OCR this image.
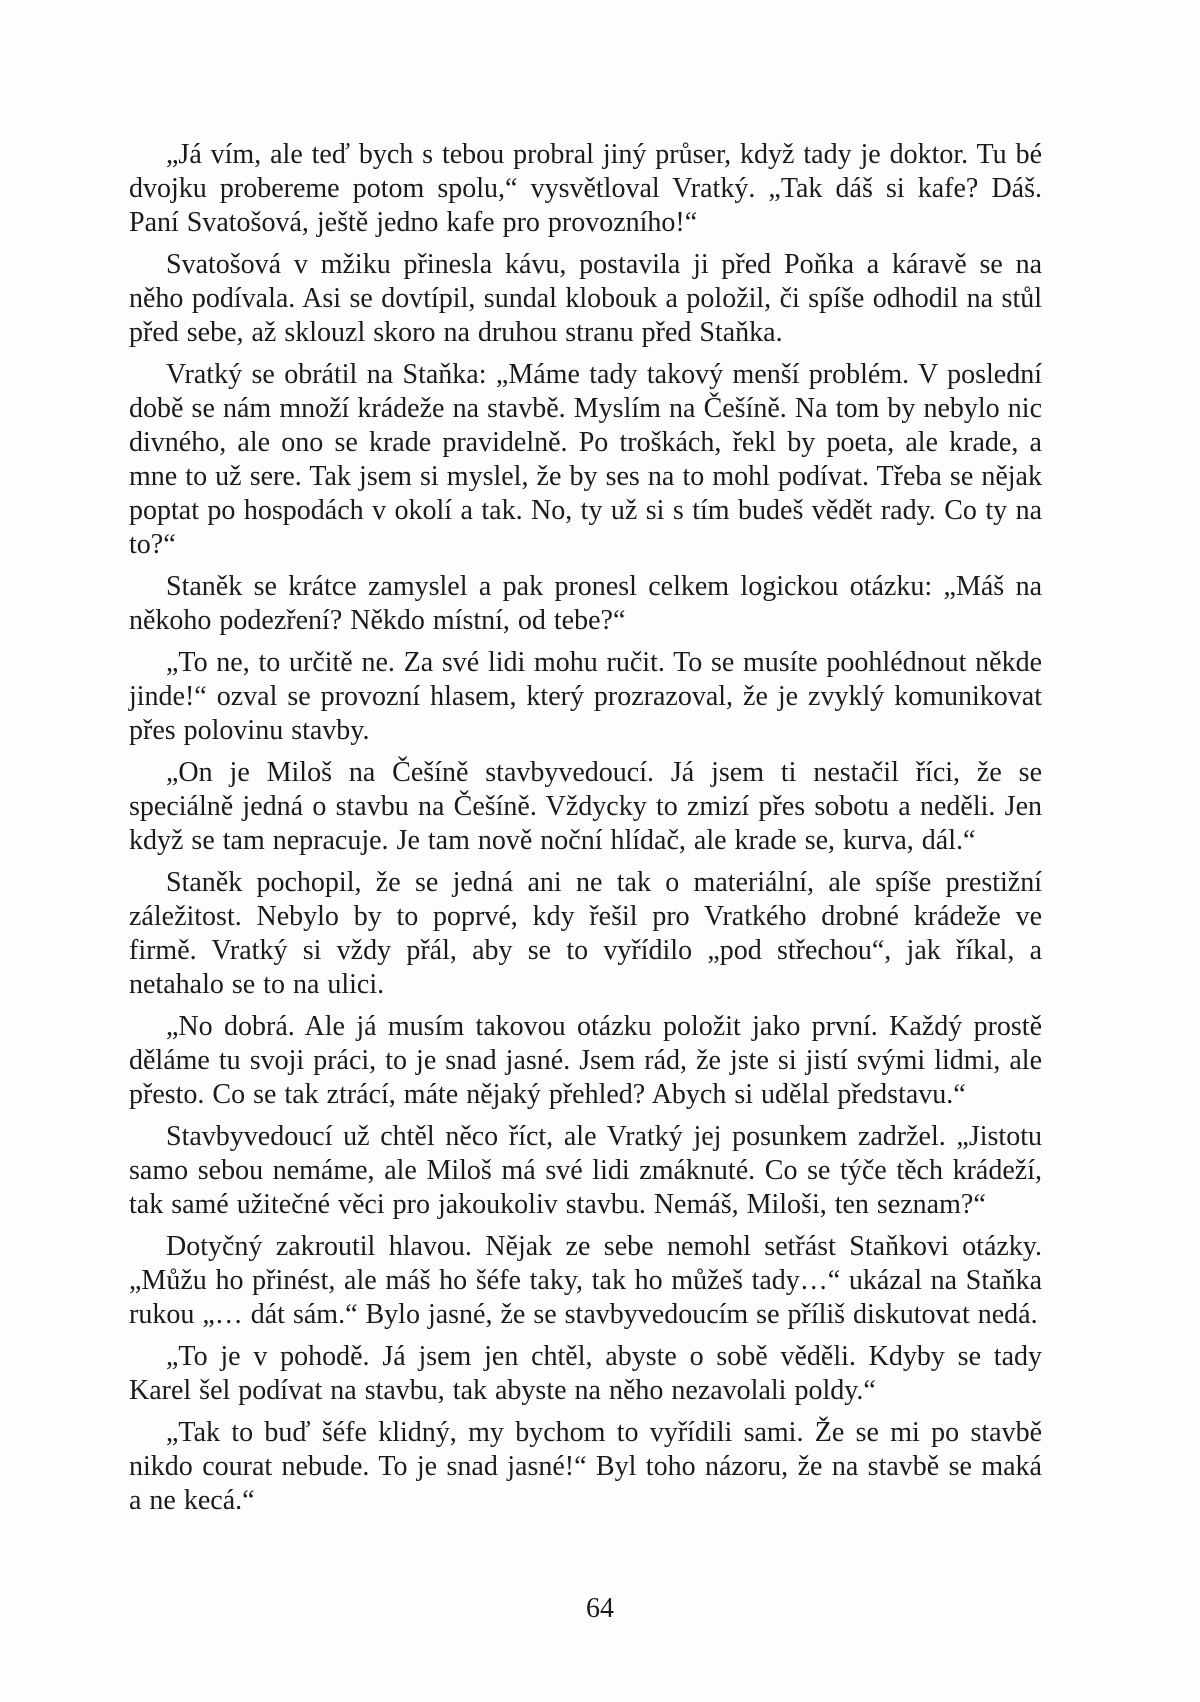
„Já vím, ale teď bych s tebou probral jiný průser, když tady je doktor. Tu bé dvojku probereme potom spolu,“ vysvětloval Vratký. „Tak dáš si kafe? Dáš. Paní Svatošová, ještě jedno kafe pro provozního!“

Svatošová v mžiku přinesla kávu, postavila ji před Poňka a káravě se na něho podívala. Asi se dovtípil, sundal klobouk a položil, či spíše odhodil na stůl před sebe, až sklouzl skoro na druhou stranu před Staňka.

Vratký se obrátil na Staňka: „Máme tady takový menší problém. V poslední době se nám množí krádeže na stavbě. Myslím na Češíně. Na tom by nebylo nic divného, ale ono se krade pravidelně. Po troškách, řekl by poeta, ale krade, a mne to už sere. Tak jsem si myslel, že by ses na to mohl podívat. Třeba se nějak poptat po hospodách v okolí a tak. No, ty už si s tím budeš vědět rady. Co ty na to?“

Staněk se krátce zamyslel a pak pronesl celkem logickou otázku: „Máš na někoho podezření? Někdo místní, od tebe?“

„To ne, to určitě ne. Za své lidi mohu ručit. To se musíte poohlédnout někde jinde!“ ozval se provozní hlasem, který prozrazoval, že je zvyklý komunikovat přes polovinu stavby.

„On je Miloš na Češíně stavbyvedoucí. Já jsem ti nestačil říci, že se speciálně jedná o stavbu na Češíně. Vždycky to zmizí přes sobotu a neděli. Jen když se tam nepracuje. Je tam nově noční hlídač, ale krade se, kurva, dál.“

Staněk pochopil, že se jedná ani ne tak o materiální, ale spíše prestižní záležitost. Nebylo by to poprvé, kdy řešil pro Vratkého drobné krádeže ve firmě. Vratký si vždy přál, aby se to vyřídilo „pod střechou“, jak říkal, a netahalo se to na ulici.

„No dobrá. Ale já musím takovou otázku položit jako první. Každý prostě děláme tu svoji práci, to je snad jasné. Jsem rád, že jste si jistí svými lidmi, ale přesto. Co se tak ztrácí, máte nějaký přehled? Abych si udělal představu.“

Stavbyvedoucí už chtěl něco říct, ale Vratký jej posunkem zadržel. „Jistotu samo sebou nemáme, ale Miloš má své lidi zmáknuté. Co se týče těch krádeží, tak samé užitečné věci pro jakoukoliv stavbu. Nemáš, Miloši, ten seznam?“

Dotyčný zakroutil hlavou. Nějak ze sebe nemohl setřást Staňkovi otázky. „Můžu ho přinést, ale máš ho šéfe taky, tak ho můžeš tady…“ ukázal na Staňka rukou „… dát sám.“ Bylo jasné, že se stavbyvedoucím se příliš diskutovat nedá.

„To je v pohodě. Já jsem jen chtěl, abyste o sobě věděli. Kdyby se tady Karel šel podívat na stavbu, tak abyste na něho nezavolali poldy.“

„Tak to buď šéfe klidný, my bychom to vyřídili sami. Že se mi po stavbě nikdo courat nebude. To je snad jasné!“ Byl toho názoru, že na stavbě se maká a ne kecá.“

64
